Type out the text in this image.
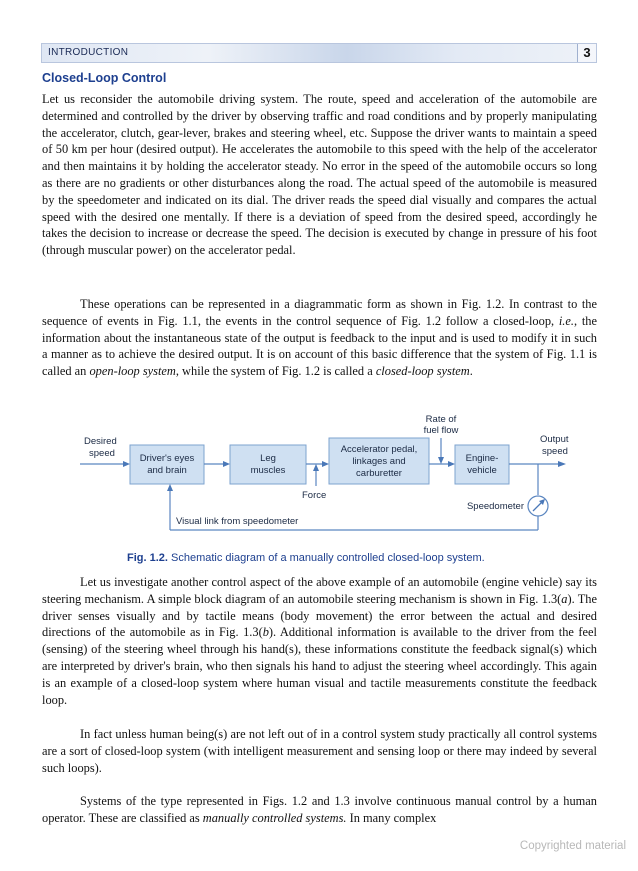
INTRODUCTION	3
Closed-Loop Control

Let us reconsider the automobile driving system. The route, speed and acceleration of the automobile are determined and controlled by the driver by observing traffic and road conditions and by properly manipulating the accelerator, clutch, gear-lever, brakes and steering wheel, etc. Suppose the driver wants to maintain a speed of 50 km per hour (desired output). He accelerates the automobile to this speed with the help of the accelerator and then maintains it by holding the accelerator steady. No error in the speed of the automobile occurs so long as there are no gradients or other disturbances along the road. The actual speed of the automobile is measured by the speedometer and indicated on its dial. The driver reads the speed dial visually and compares the actual speed with the desired one mentally. If there is a deviation of speed from the desired speed, accordingly he takes the decision to increase or decrease the speed. The decision is executed by change in pressure of his foot (through muscular power) on the accelerator pedal.

These operations can be represented in a diagrammatic form as shown in Fig. 1.2. In contrast to the sequence of events in Fig. 1.1, the events in the control sequence of Fig. 1.2 follow a closed-loop, i.e., the information about the instantaneous state of the output is feedback to the input and is used to modify it in such a manner as to achieve the desired output. It is on account of this basic difference that the system of Fig. 1.1 is called an open-loop system, while the system of Fig. 1.2 is called a closed-loop system.

Desired
speed	Driver's eyes
and brain
Leg
muscles
Accelerator pedal,
linkages and
carburetter
Engine-
vehicle
Rate of
fuel flow
Output
speed
Force
Speedometer
Visual link from speedometer
Fig. 1.2. Schematic diagram of a manually controlled closed-loop system.

Let us investigate another control aspect of the above example of an automobile (engine vehicle) say its steering mechanism. A simple block diagram of an automobile steering mechanism is shown in Fig. 1.3(a). The driver senses visually and by tactile means (body movement) the error between the actual and desired directions of the automobile as in Fig. 1.3(b). Additional information is available to the driver from the feel (sensing) of the steering wheel through his hand(s), these informations constitute the feedback signal(s) which are interpreted by driver's brain, who then signals his hand to adjust the steering wheel accordingly. This again is an example of a closed-loop system where human visual and tactile measurements constitute the feedback loop.

In fact unless human being(s) are not left out of in a control system study practically all control systems are a sort of closed-loop system (with intelligent measurement and sensing loop or there may indeed by several such loops).

Systems of the type represented in Figs. 1.2 and 1.3 involve continuous manual control by a human operator. These are classified as manually controlled systems. In many complex

Copyrighted material
